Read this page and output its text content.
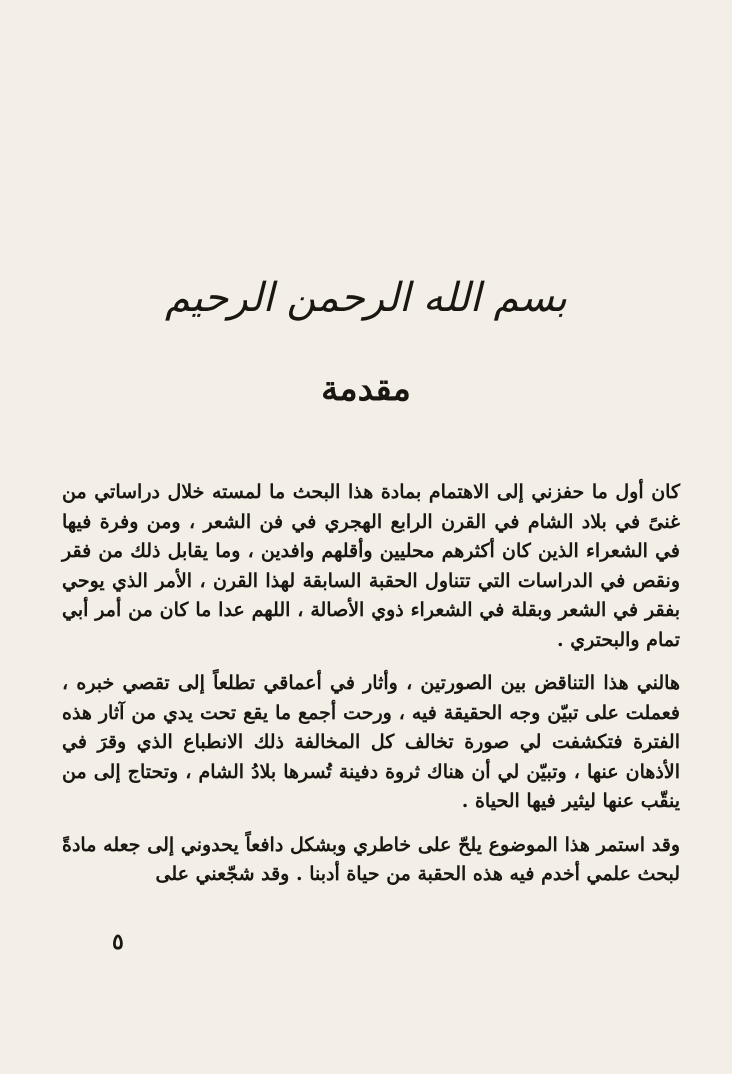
بسم الله الرحمن الرحيم
مقدمة

كان أول ما حفزني إلى الاهتمام بمادة هذا البحث ما لمسته خلال دراساتي من غنىً في بلاد الشام في القرن الرابع الهجري في فن الشعر ، ومن وفرة فيها في الشعراء الذين كان أكثرهم محليين وأقلهم وافدين ، وما يقابل ذلك من فقر ونقص في الدراسات التي تتناول الحقبة السابقة لهذا القرن ، الأمر الذي يوحي بفقر في الشعر وبقلة في الشعراء ذوي الأصالة ، اللهم عدا ما كان من أمر أبي تمام والبحتري .

هالني هذا التناقض بين الصورتين ، وأثار في أعماقي تطلعاً إلى تقصي خبره ، فعملت على تبيّن وجه الحقيقة فيه ، ورحت أجمع ما يقع تحت يدي من آثار هذه الفترة فتكشفت لي صورة تخالف كل المخالفة ذلك الانطباع الذي وقرَ في الأذهان عنها ، وتبيّن لي أن هناك ثروة دفينة تُسرها بلادُ الشام ، وتحتاج إلى من ينقّب عنها ليثير فيها الحياة .

وقد استمر هذا الموضوع يلحّ على خاطري وبشكل دافعاً يحدوني إلى جعله مادةً لبحث علمي أخدم فيه هذه الحقبة من حياة أدبنا . وقد شجّعني على

٥
